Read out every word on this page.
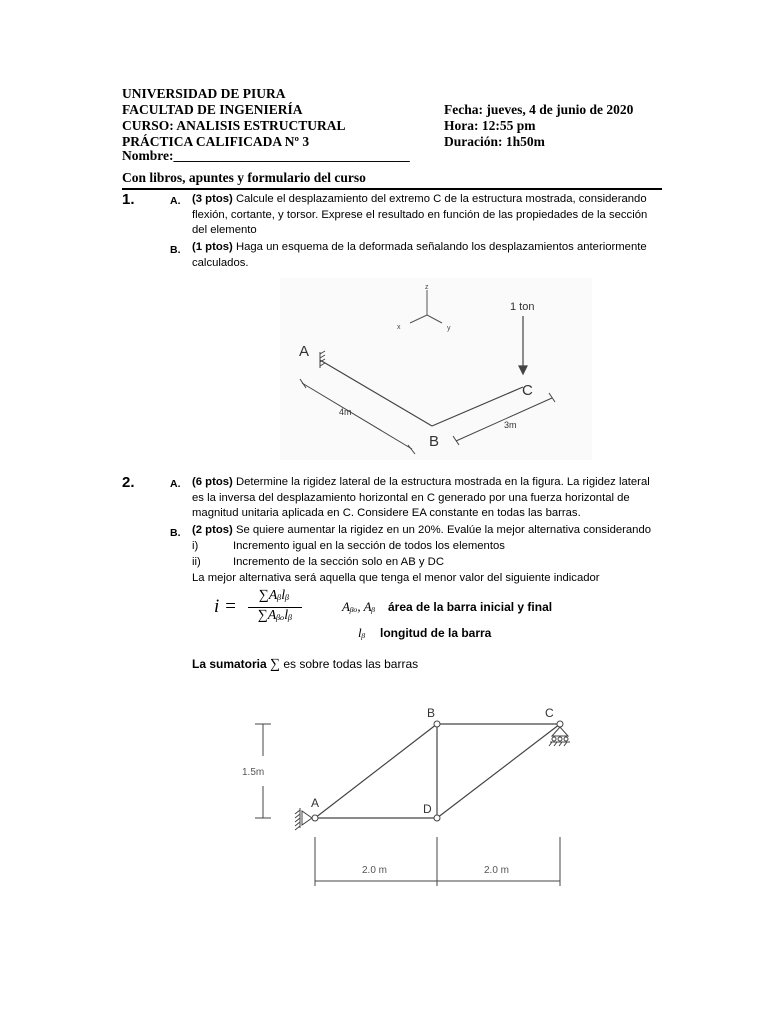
UNIVERSIDAD DE PIURA
FACULTAD DE INGENIERÍA
CURSO: ANALISIS ESTRUCTURAL
PRÁCTICA CALIFICADA Nº 3
Nombre:___________________________________
Fecha: jueves, 4 de junio de 2020
Hora: 12:55 pm
Duración: 1h50m
Con libros, apuntes y formulario del curso
1.	A. (3 ptos) Calcule el desplazamiento del extremo C de la estructura mostrada, considerando
flexión, cortante, y torsor. Exprese el resultado en función de las propiedades de la sección
del elemento
B. (1 ptos) Haga un esquema de la deformada señalando los desplazamientos anteriormente
calculados.
z
x	y
1 ton
A
B
C
4m
3m
2.	A. (6 ptos) Determine la rigidez lateral de la estructura mostrada en la figura. La rigidez lateral
es la inversa del desplazamiento horizontal en C generado por una fuerza horizontal de
magnitud unitaria aplicada en C. Considere EA constante en todas las barras.
B. (2 ptos) Se quiere aumentar la rigidez en un 20%. Evalúe la mejor alternativa considerando
i)	Incremento igual en la sección de todos los elementos
ii)	Incremento de la sección solo en AB y DC
La mejor alternativa será aquella que tenga el menor valor del siguiente indicador
i =
∑Aᵦlᵦ
∑Aᵦₒlᵦ
Aᵦₒ, Aᵦ área de la barra inicial y final
lᵦ longitud de la barra
La sumatoria ∑ es sobre todas las barras
B	C
A	D
1.5m
2.0 m	2.0 m
